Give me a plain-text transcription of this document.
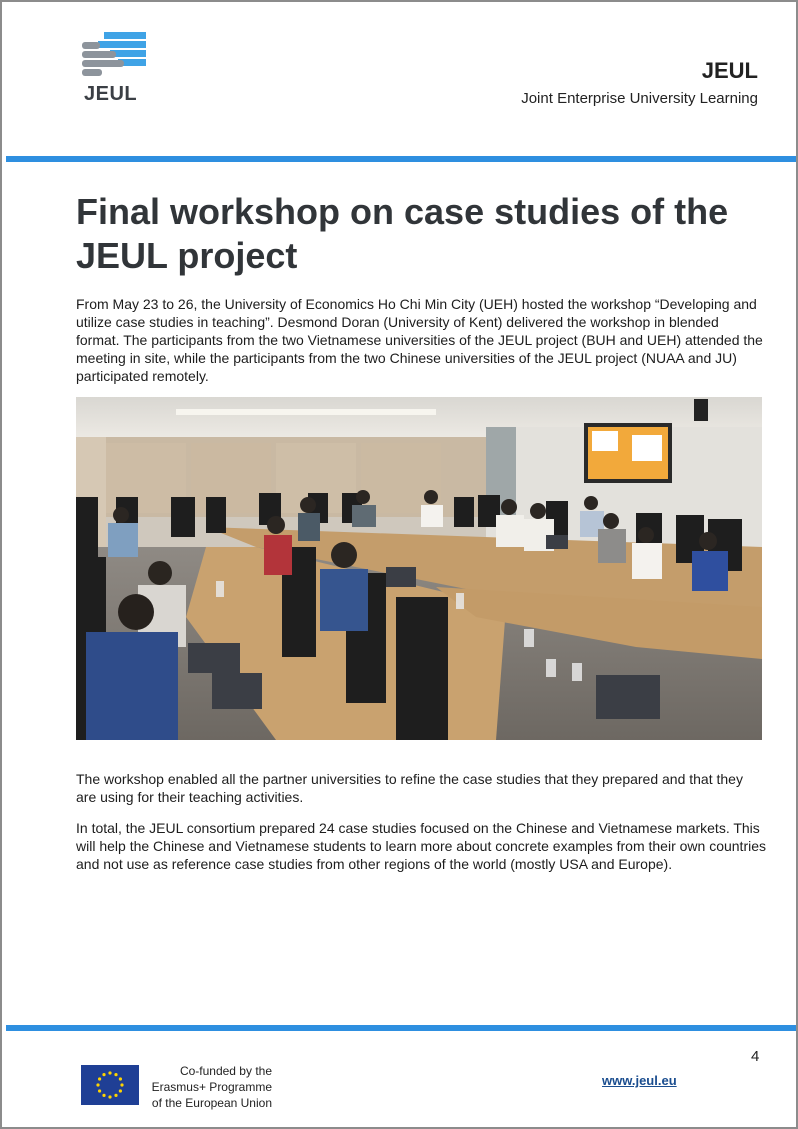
JEUL
JEUL
Joint Enterprise University Learning
Final workshop on case studies of the JEUL project

From May 23 to 26, the University of Economics Ho Chi Min City (UEH) hosted the workshop “Developing and utilize case studies in teaching”. Desmond Doran (University of Kent) delivered the workshop in blended format. The participants from the two Vietnamese universities of the JEUL project (BUH and UEH) attended the meeting in site, while the participants from the two Chinese universities of the JEUL project (NUAA and JU) participated remotely.

The workshop enabled all the partner universities to refine the case studies that they prepared and that they are using for their teaching activities.

In total, the JEUL consortium prepared 24 case studies focused on the Chinese and Vietnamese markets. This will help the Chinese and Vietnamese students to learn more about concrete examples from their own countries and not use as reference case studies from other regions of the world (mostly USA and Europe).

Co-funded by the Erasmus+ Programme of the European Union
www.jeul.eu
4
